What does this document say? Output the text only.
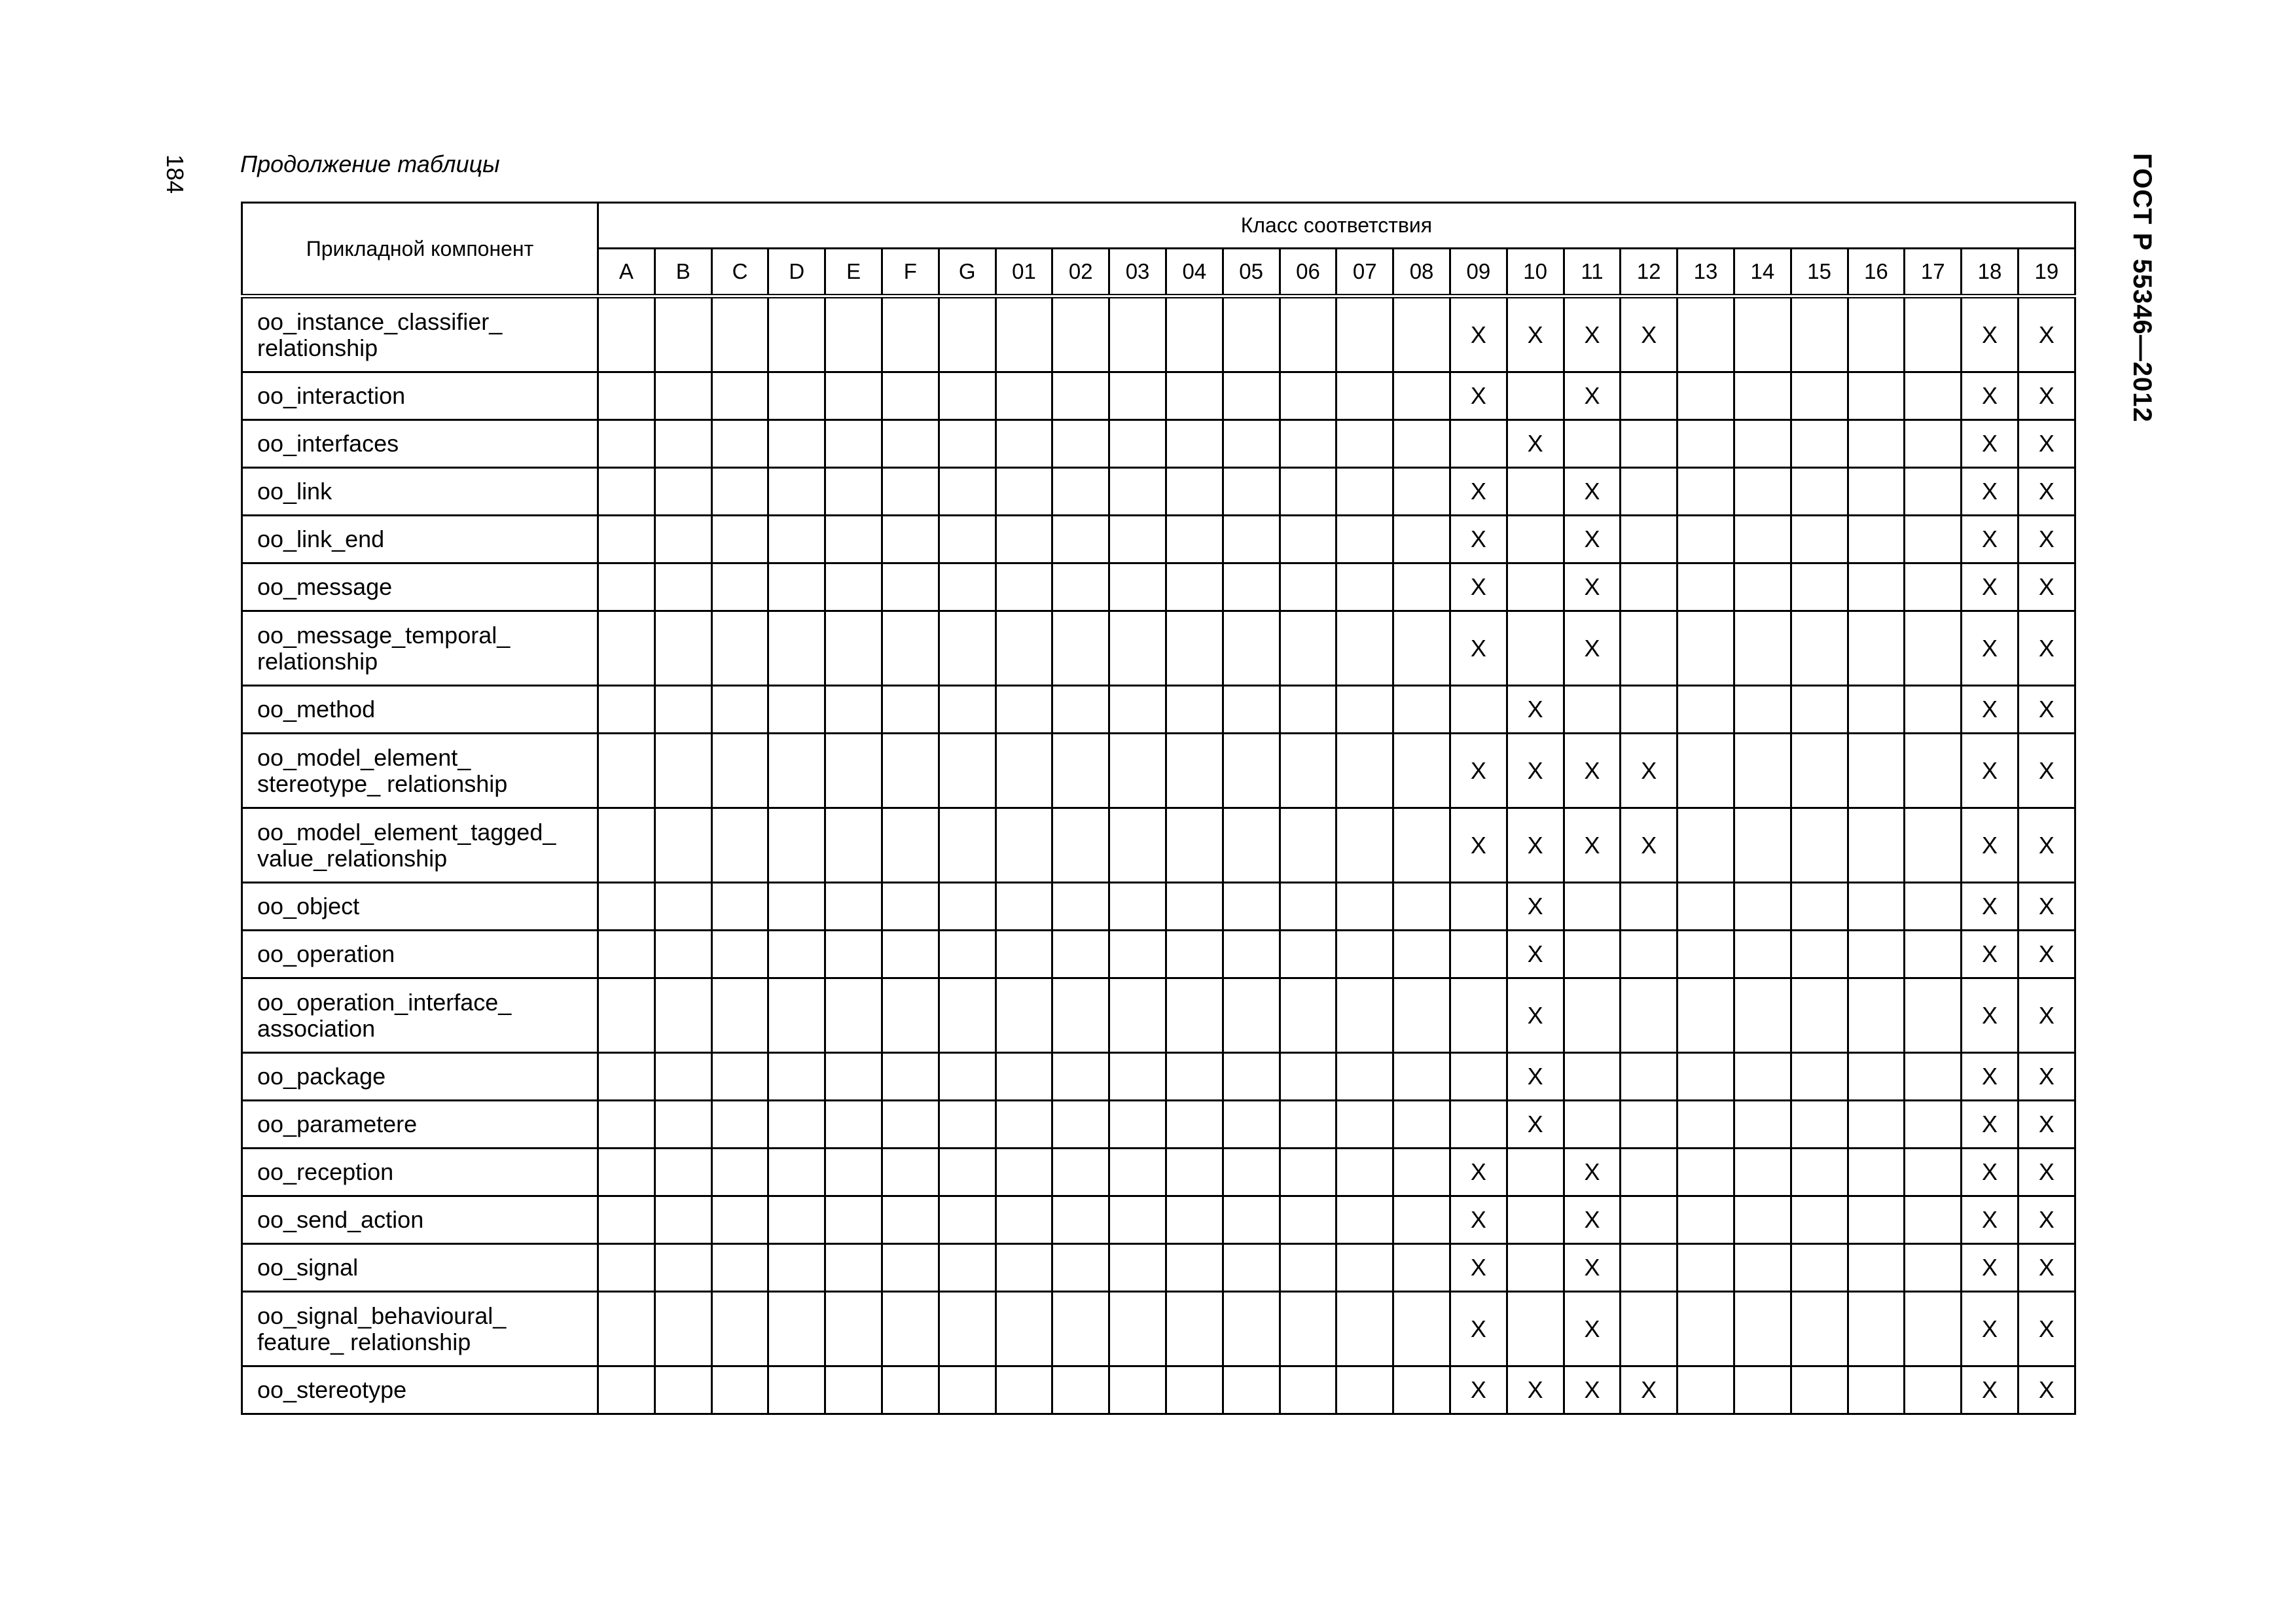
184 Продолжение таблицы	ГОСТ Р 55346—2012
Прикладной компонент	Класс соответствия																									
	A	B	C	D	E	F	G	01	02	03	04	05	06	07	08	09	10	11	12	13	14	15	16	17	18	19
oo_instance_classifier_
relationship																X	X	X	X						X	X
oo_interaction																X		X							X	X
oo_interfaces																	X								X	X
oo_link																X		X							X	X
oo_link_end																X		X							X	X
oo_message																X		X							X	X
oo_message_temporal_
relationship																X		X							X	X
oo_method																	X								X	X
oo_model_element_
stereotype_ relationship																X	X	X	X						X	X
oo_model_element_tagged_
value_relationship																X	X	X	X						X	X
oo_object																	X								X	X
oo_operation																	X								X	X
oo_operation_interface_
association																	X								X	X
oo_package																	X								X	X
oo_parametere																	X								X	X
oo_reception																X		X							X	X
oo_send_action																X		X							X	X
oo_signal																X		X							X	X
oo_signal_behavioural_
feature_ relationship																X		X							X	X
oo_stereotype																X	X	X	X						X	X
